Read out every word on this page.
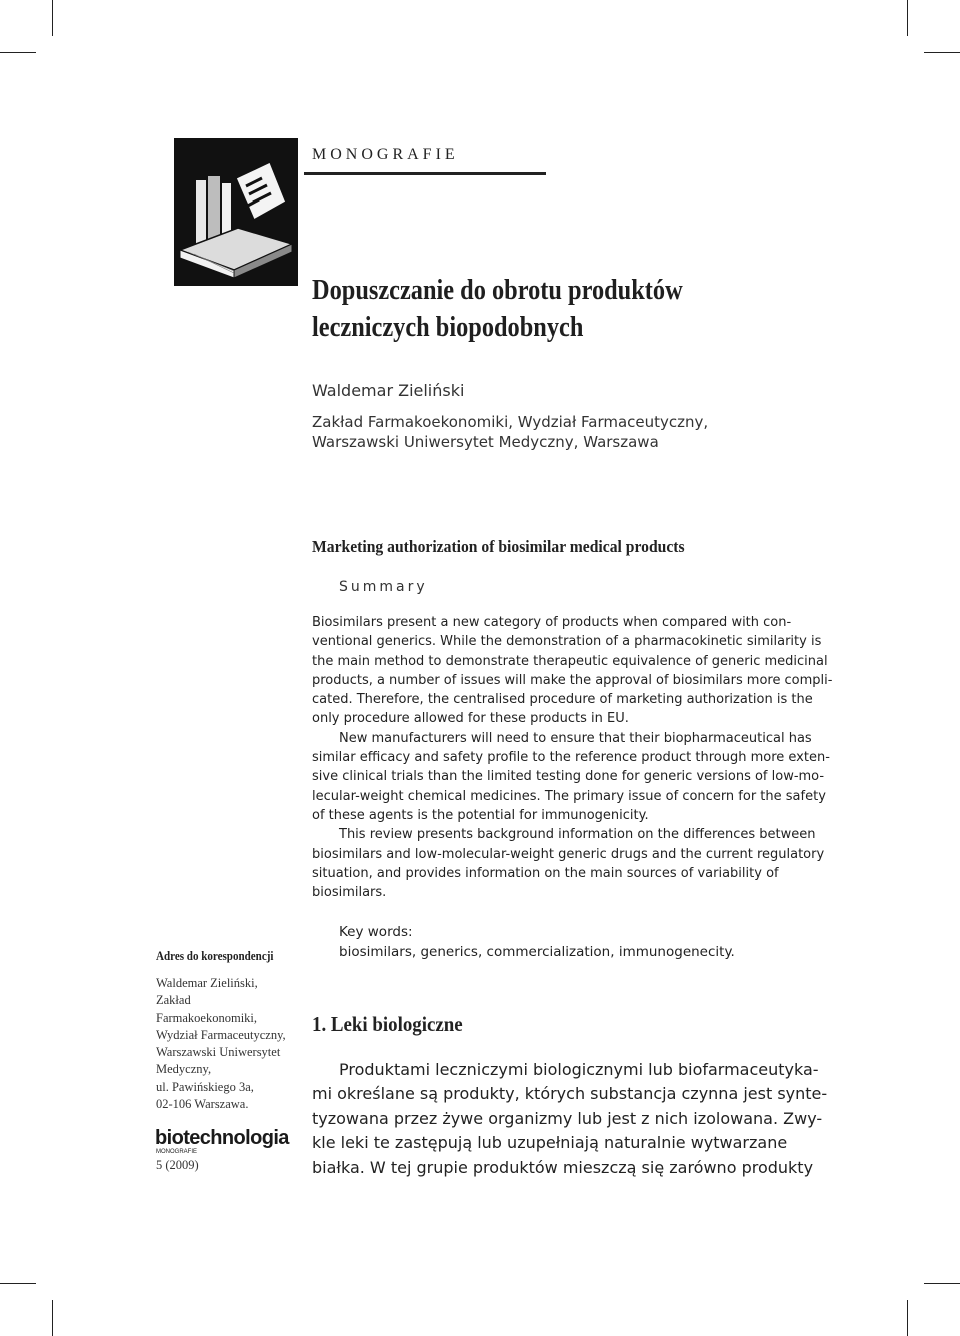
MONOGRAFIE
Dopuszczanie do obrotu produktów
leczniczych biopodobnych
Waldemar Zieliński
Zakład Farmakoekonomiki, Wydział Farmaceutyczny,
Warszawski Uniwersytet Medyczny, Warszawa
Marketing authorization of biosimilar medical products
Summary
Biosimilars present a new category of products when compared with con-
ventional generics. While the demonstration of a pharmacokinetic similarity is
the main method to demonstrate therapeutic equivalence of generic medicinal
products, a number of issues will make the approval of biosimilars more compli-
cated. Therefore, the centralised procedure of marketing authorization is the
only procedure allowed for these products in EU.
New manufacturers will need to ensure that their biopharmaceutical has
similar efficacy and safety profile to the reference product through more exten-
sive clinical trials than the limited testing done for generic versions of low-mo-
lecular-weight chemical medicines. The primary issue of concern for the safety
of these agents is the potential for immunogenicity.
This review presents background information on the differences between
biosimilars and low-molecular-weight generic drugs and the current regulatory
situation, and provides information on the main sources of variability of
biosimilars.
Key words:
biosimilars, generics, commercialization, immunogenecity.
Adres do korespondencji
Waldemar Zieliński,
Zakład
Farmakoekonomiki,
Wydział Farmaceutyczny,
Warszawski Uniwersytet
Medyczny,
ul. Pawińskiego 3a,
02-106 Warszawa.
biotechnologia
MONOGRAFIE
5 (2009)
1. Leki biologiczne
Produktami leczniczymi biologicznymi lub biofarmaceutyka-
mi określane są produkty, których substancja czynna jest synte-
tyzowana przez żywe organizmy lub jest z nich izolowana. Zwy-
kle leki te zastępują lub uzupełniają naturalnie wytwarzane
białka. W tej grupie produktów mieszczą się zarówno produkty
